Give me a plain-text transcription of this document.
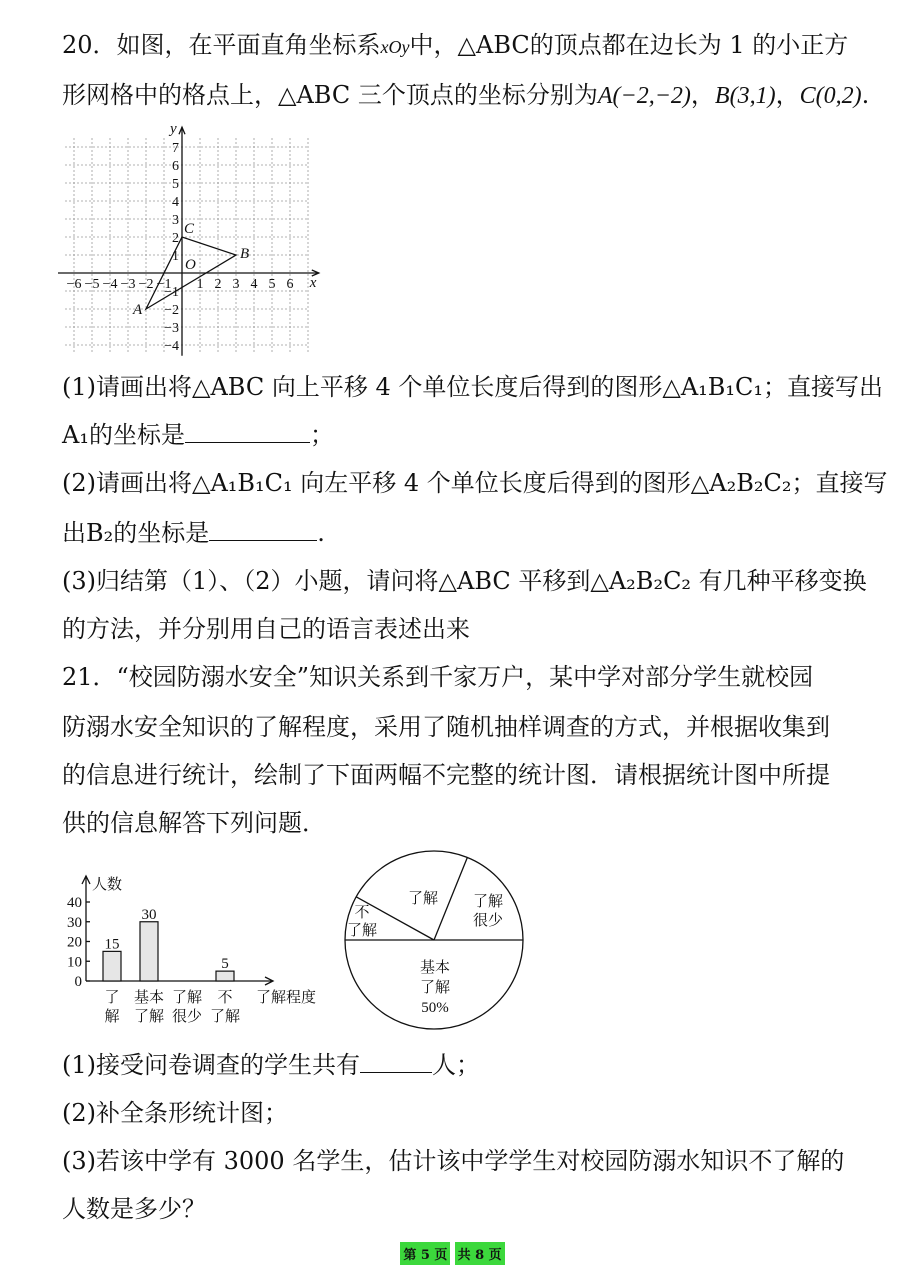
20．如图，在平面直角坐标系xOy中，△ABC的顶点都在边长为 1 的小正方
形网格中的格点上，△ABC 三个顶点的坐标分别为A(−2,−2)，B(3,1)，C(0,2).
x
y
O
−6 −5 −4 −3 −2 −1 1 2 3 4 5 6
7
6
5
4
3
2
1
−1
−2
−3
−4
A
B
C
(1)请画出将△ABC 向上平移 4 个单位长度后得到的图形△A₁B₁C₁；直接写出
A₁的坐标是	；
(2)请画出将△A₁B₁C₁ 向左平移 4 个单位长度后得到的图形△A₂B₂C₂；直接写
出B₂的坐标是	.
(3)归结第（1）、（2）小题，请问将△ABC 平移到△A₂B₂C₂ 有几种平移变换
的方法，并分别用自己的语言表述出来
21．“校园防溺水安全”知识关系到千家万户，某中学对部分学生就校园
防溺水安全知识的了解程度，采用了随机抽样调查的方式，并根据收集到
的信息进行统计，绘制了下面两幅不完整的统计图．请根据统计图中所提
供的信息解答下列问题．
人数
了解程度
40
30
20
10
0
15
30
5
了
解
基本
了解
了解
很少
不
了解
了解 了解
很少
基本
了解
50%
不
了解
(1)接受问卷调查的学生共有	人；
(2)补全条形统计图；
(3)若该中学有 3000 名学生，估计该中学学生对校园防溺水知识不了解的
人数是多少？
第 5 页 共 8 页
